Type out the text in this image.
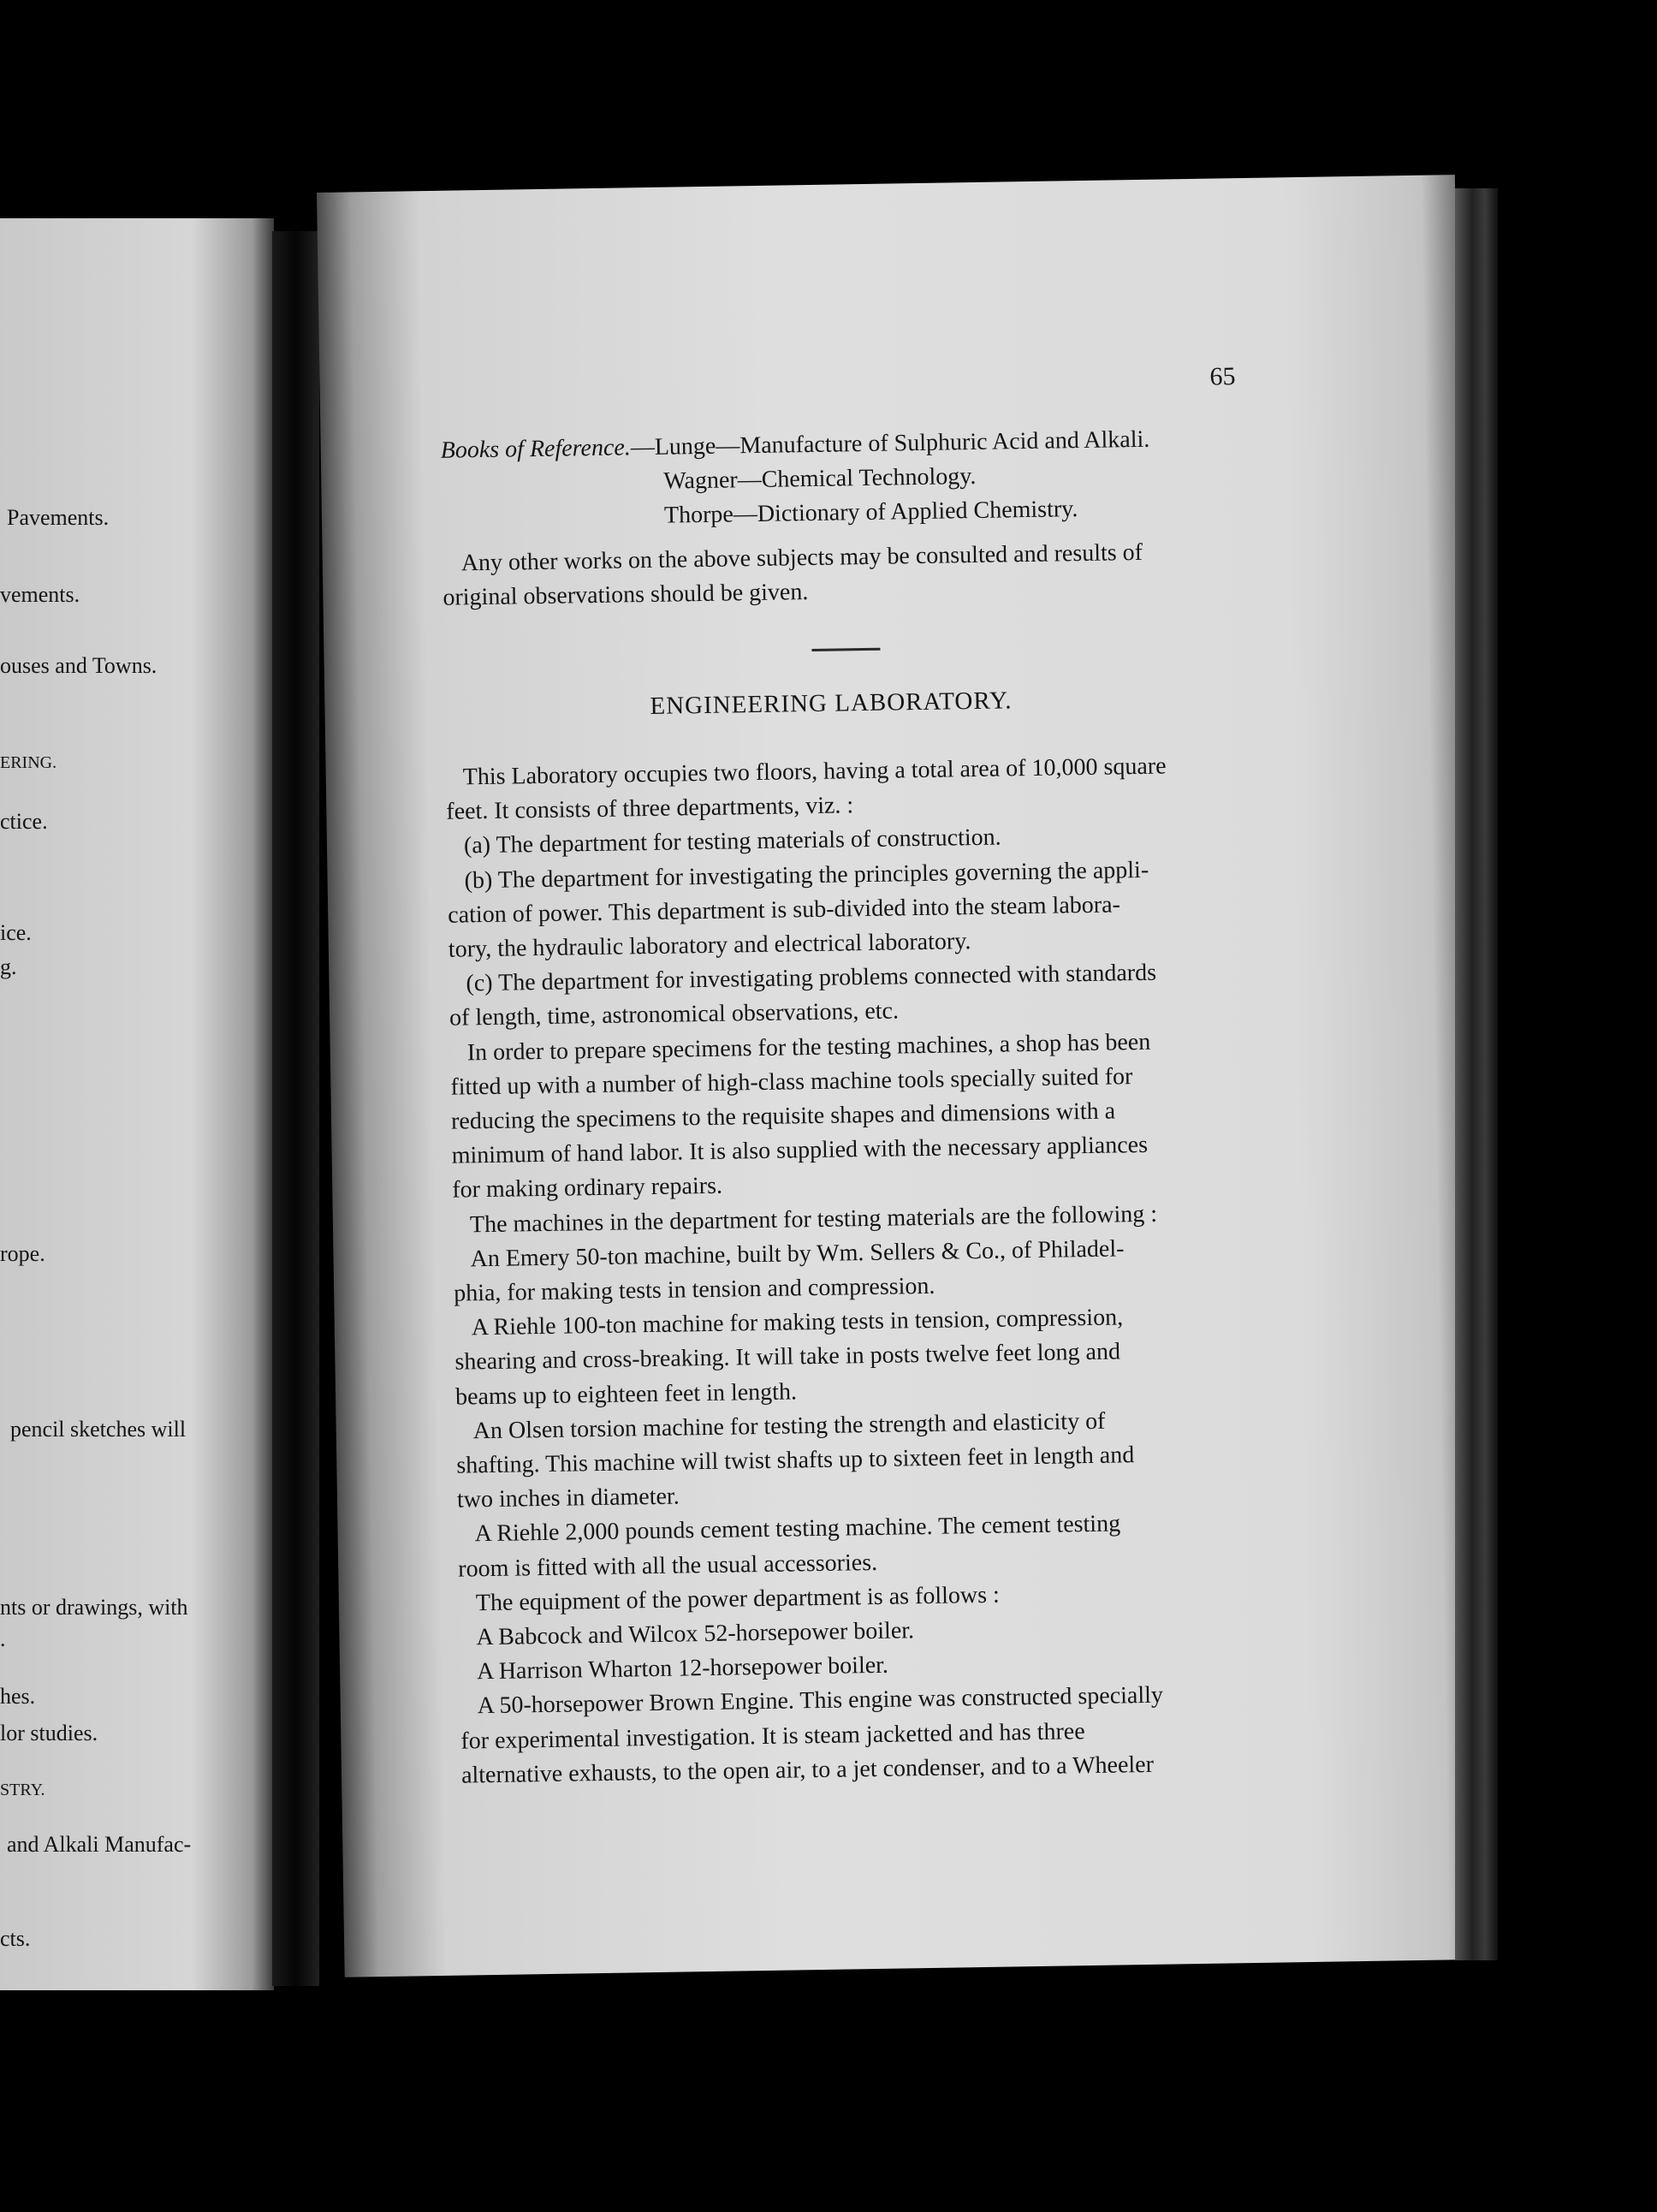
Pavements.
vements.
ouses and Towns.
ERING.
ctice.
ice.
g.
rope.
pencil sketches will
nts or drawings, with
.
hes.
lor studies.
STRY.
and Alkali Manufac-
cts.
65
Books of Reference.—Lunge—Manufacture of Sulphuric Acid and Alkali.
Wagner—Chemical Technology.
Thorpe—Dictionary of Applied Chemistry.
Any other works on the above subjects may be consulted and results of
original observations should be given.
ENGINEERING LABORATORY.
This Laboratory occupies two floors, having a total area of 10,000 square
feet. It consists of three departments, viz. :
(a) The department for testing materials of construction.
(b) The department for investigating the principles governing the appli-
cation of power. This department is sub-divided into the steam labora-
tory, the hydraulic laboratory and electrical laboratory.
(c) The department for investigating problems connected with standards
of length, time, astronomical observations, etc.
In order to prepare specimens for the testing machines, a shop has been
fitted up with a number of high-class machine tools specially suited for
reducing the specimens to the requisite shapes and dimensions with a
minimum of hand labor. It is also supplied with the necessary appliances
for making ordinary repairs.
The machines in the department for testing materials are the following :
An Emery 50-ton machine, built by Wm. Sellers & Co., of Philadel-
phia, for making tests in tension and compression.
A Riehle 100-ton machine for making tests in tension, compression,
shearing and cross-breaking. It will take in posts twelve feet long and
beams up to eighteen feet in length.
An Olsen torsion machine for testing the strength and elasticity of
shafting. This machine will twist shafts up to sixteen feet in length and
two inches in diameter.
A Riehle 2,000 pounds cement testing machine. The cement testing
room is fitted with all the usual accessories.
The equipment of the power department is as follows :
A Babcock and Wilcox 52-horsepower boiler.
A Harrison Wharton 12-horsepower boiler.
A 50-horsepower Brown Engine. This engine was constructed specially
for experimental investigation. It is steam jacketted and has three
alternative exhausts, to the open air, to a jet condenser, and to a Wheeler
